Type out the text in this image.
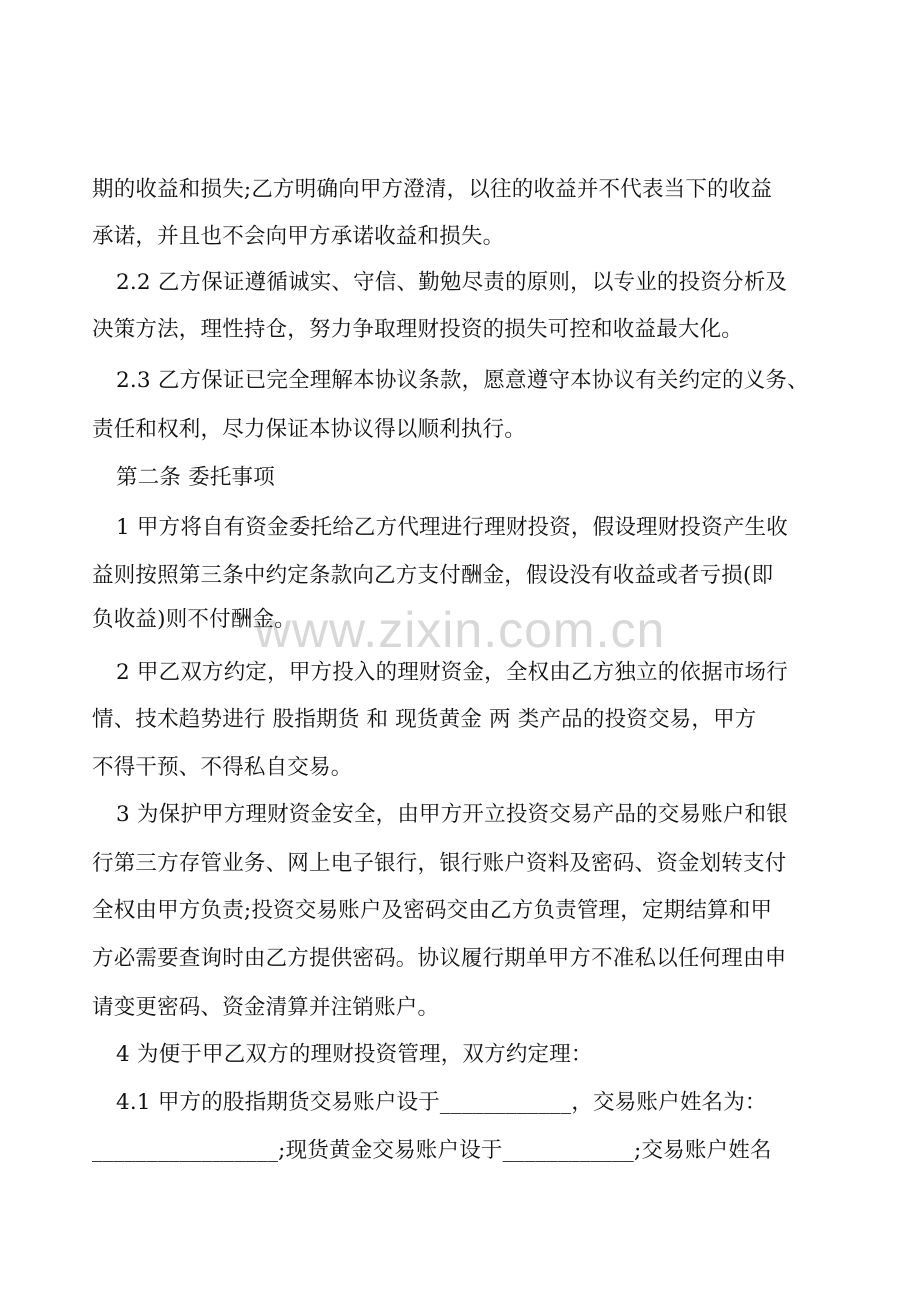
www.zixin.com.cn
期的收益和损失;乙方明确向甲方澄清，以往的收益并不代表当下的收益
承诺，并且也不会向甲方承诺收益和损失。
2.2 乙方保证遵循诚实、守信、勤勉尽责的原则，以专业的投资分析及
决策方法，理性持仓，努力争取理财投资的损失可控和收益最大化。
2.3 乙方保证已完全理解本协议条款，愿意遵守本协议有关约定的义务、
责任和权利，尽力保证本协议得以顺利执行。
第二条 委托事项
1 甲方将自有资金委托给乙方代理进行理财投资，假设理财投资产生收
益则按照第三条中约定条款向乙方支付酬金，假设没有收益或者亏损(即
负收益)则不付酬金。
2 甲乙双方约定，甲方投入的理财资金，全权由乙方独立的依据市场行
情、技术趋势进行 股指期货 和 现货黄金 两 类产品的投资交易，甲方
不得干预、不得私自交易。
3 为保护甲方理财资金安全，由甲方开立投资交易产品的交易账户和银
行第三方存管业务、网上电子银行，银行账户资料及密码、资金划转支付
全权由甲方负责;投资交易账户及密码交由乙方负责管理，定期结算和甲
方必需要查询时由乙方提供密码。协议履行期单甲方不准私以任何理由申
请变更密码、资金清算并注销账户。
4 为便于甲乙双方的理财投资管理，双方约定理：
4.1 甲方的股指期货交易账户设于____________，交易账户姓名为：
_________________;现货黄金交易账户设于____________;交易账户姓名
